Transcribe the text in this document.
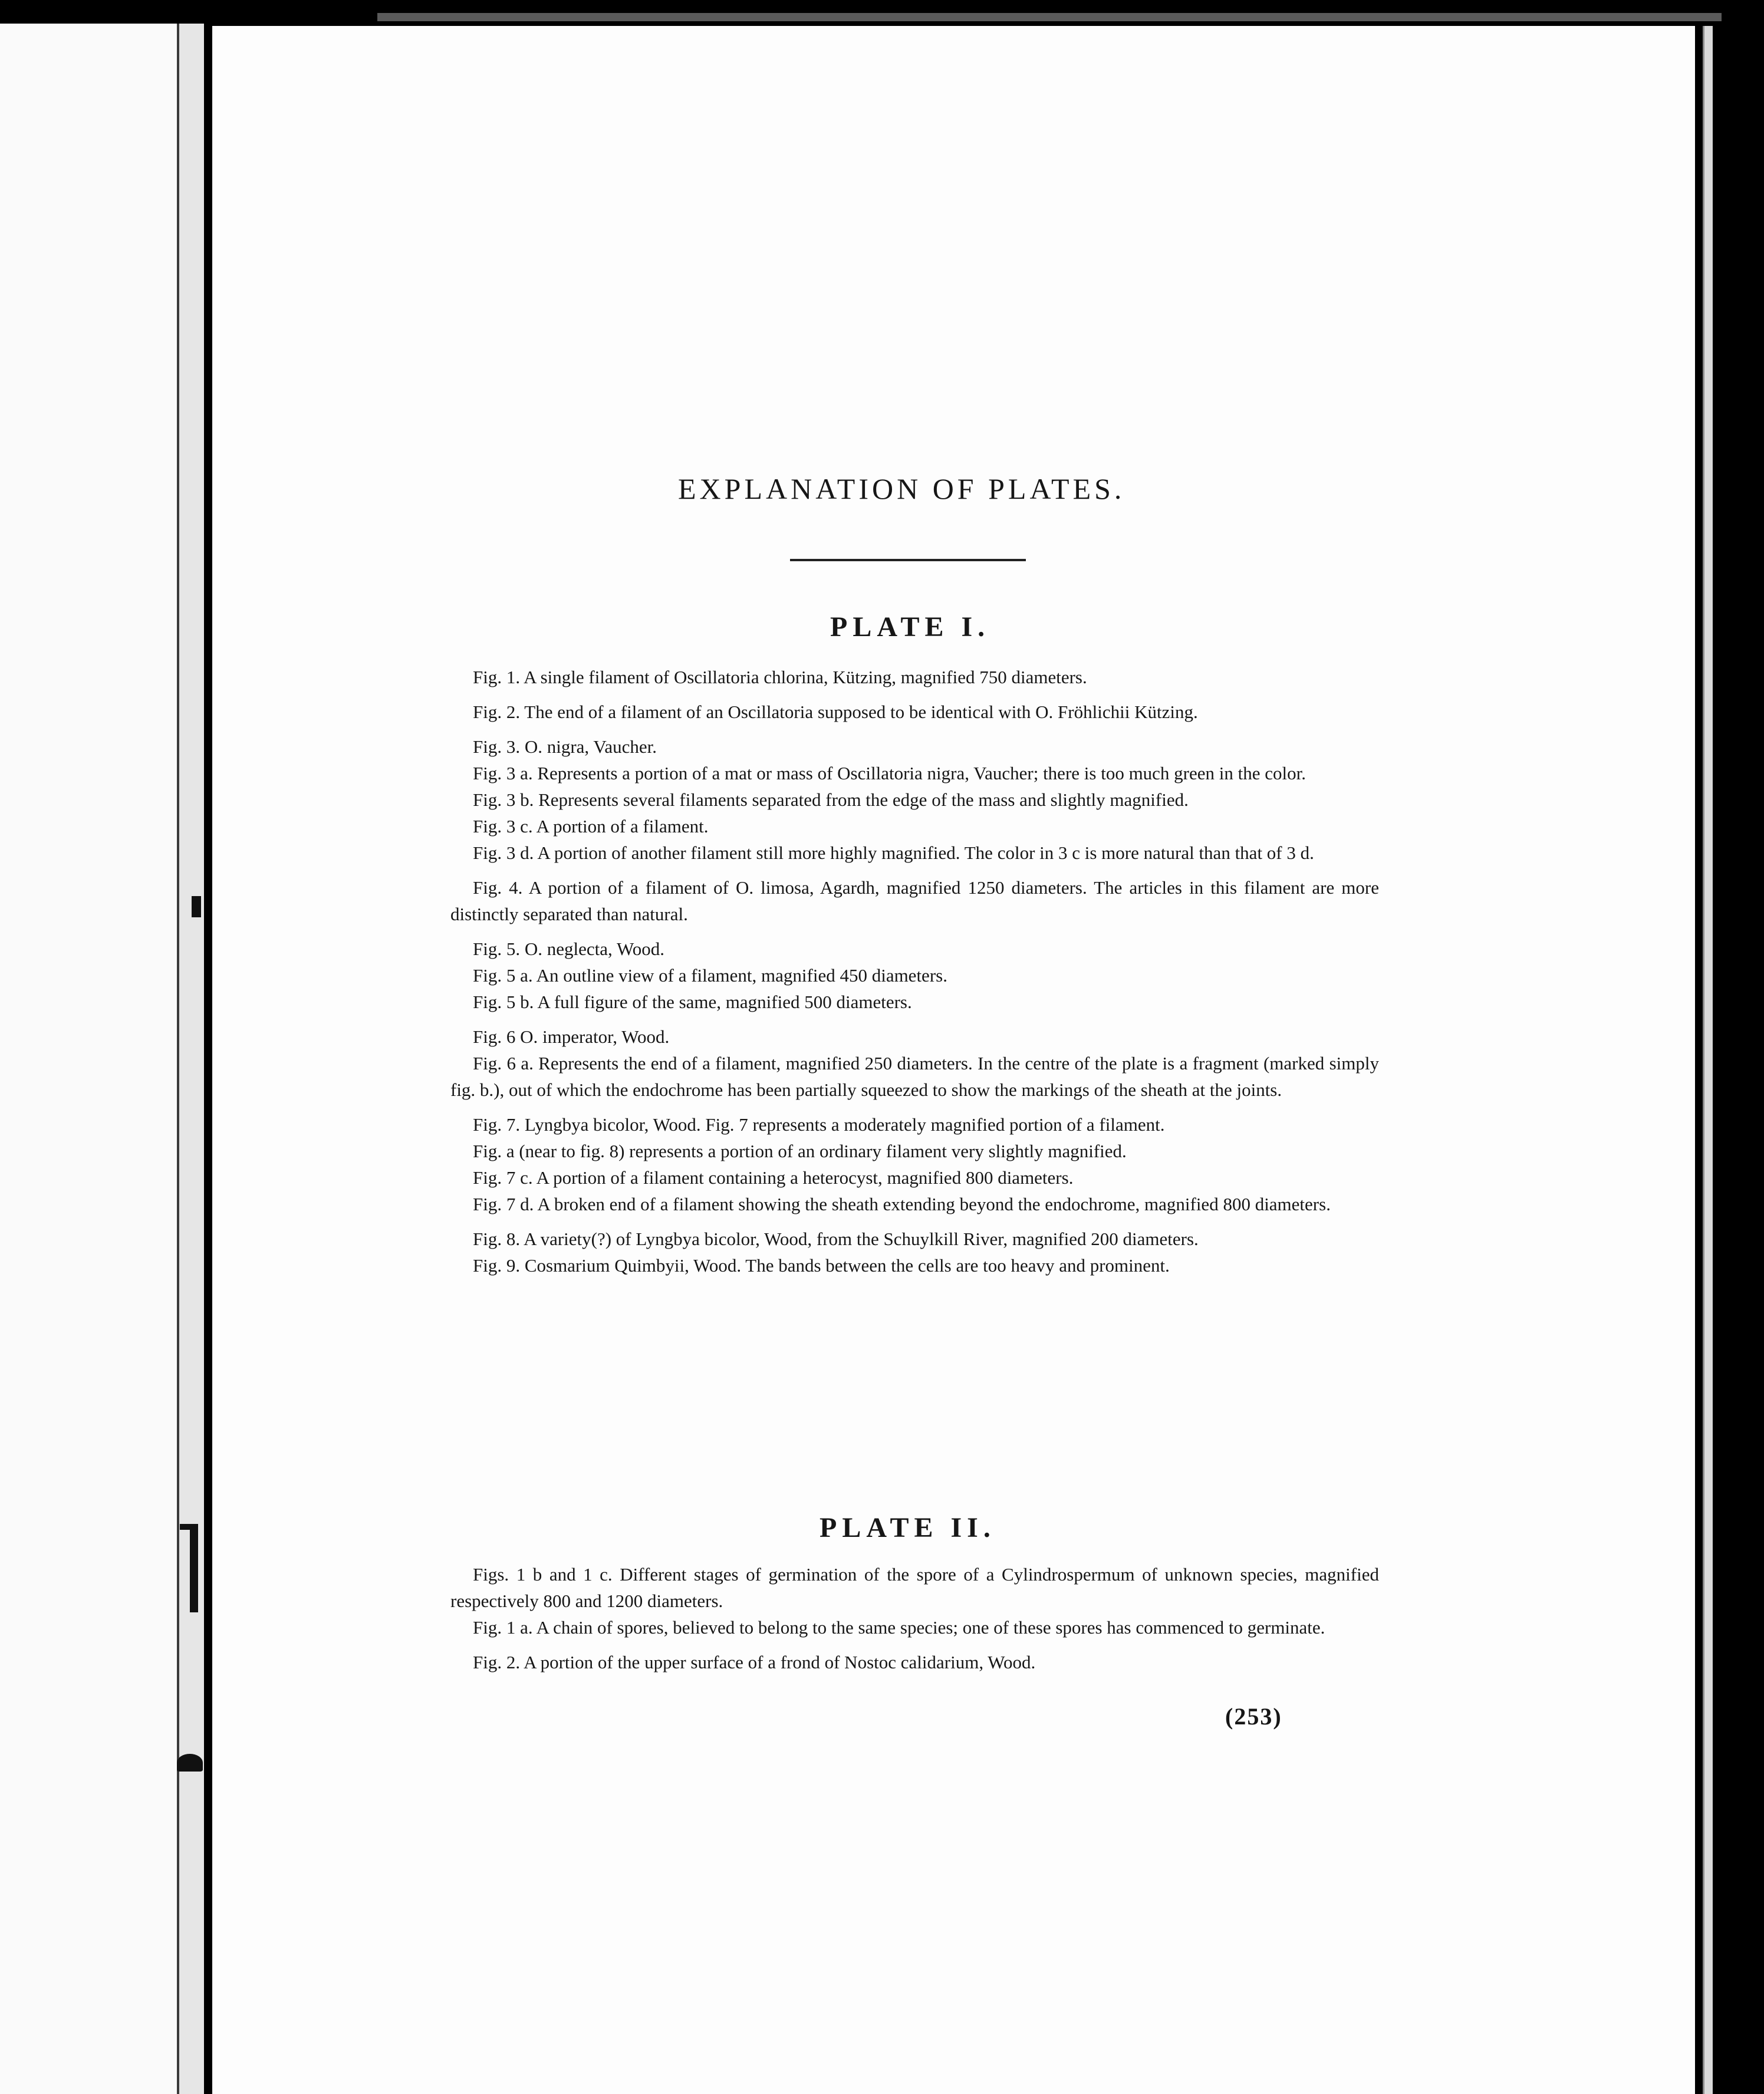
EXPLANATION OF PLATES.
PLATE I.

Fig. 1. A single filament of Oscillatoria chlorina, Kützing, magnified 750 diameters.

Fig. 2. The end of a filament of an Oscillatoria supposed to be identical with O. Fröhlichii Kützing.

Fig. 3. O. nigra, Vaucher.

Fig. 3 a. Represents a portion of a mat or mass of Oscillatoria nigra, Vaucher; there is too much green in the color.

Fig. 3 b. Represents several filaments separated from the edge of the mass and slightly magnified.

Fig. 3 c. A portion of a filament.

Fig. 3 d. A portion of another filament still more highly magnified. The color in 3 c is more natural than that of 3 d.

Fig. 4. A portion of a filament of O. limosa, Agardh, magnified 1250 diameters. The articles in this filament are more distinctly separated than natural.

Fig. 5. O. neglecta, Wood.

Fig. 5 a. An outline view of a filament, magnified 450 diameters.

Fig. 5 b. A full figure of the same, magnified 500 diameters.

Fig. 6 O. imperator, Wood.

Fig. 6 a. Represents the end of a filament, magnified 250 diameters. In the centre of the plate is a fragment (marked simply fig. b.), out of which the endochrome has been partially squeezed to show the markings of the sheath at the joints.

Fig. 7. Lyngbya bicolor, Wood. Fig. 7 represents a moderately magnified portion of a filament.

Fig. a (near to fig. 8) represents a portion of an ordinary filament very slightly magnified.

Fig. 7 c. A portion of a filament containing a heterocyst, magnified 800 diameters.

Fig. 7 d. A broken end of a filament showing the sheath extending beyond the endochrome, magnified 800 diameters.

Fig. 8. A variety(?) of Lyngbya bicolor, Wood, from the Schuylkill River, magnified 200 diameters.

Fig. 9. Cosmarium Quimbyii, Wood. The bands between the cells are too heavy and prominent.

PLATE II.

Figs. 1 b and 1 c. Different stages of germination of the spore of a Cylindrospermum of unknown species, magnified respectively 800 and 1200 diameters.

Fig. 1 a. A chain of spores, believed to belong to the same species; one of these spores has commenced to germinate.

Fig. 2. A portion of the upper surface of a frond of Nostoc calidarium, Wood.

(253)
